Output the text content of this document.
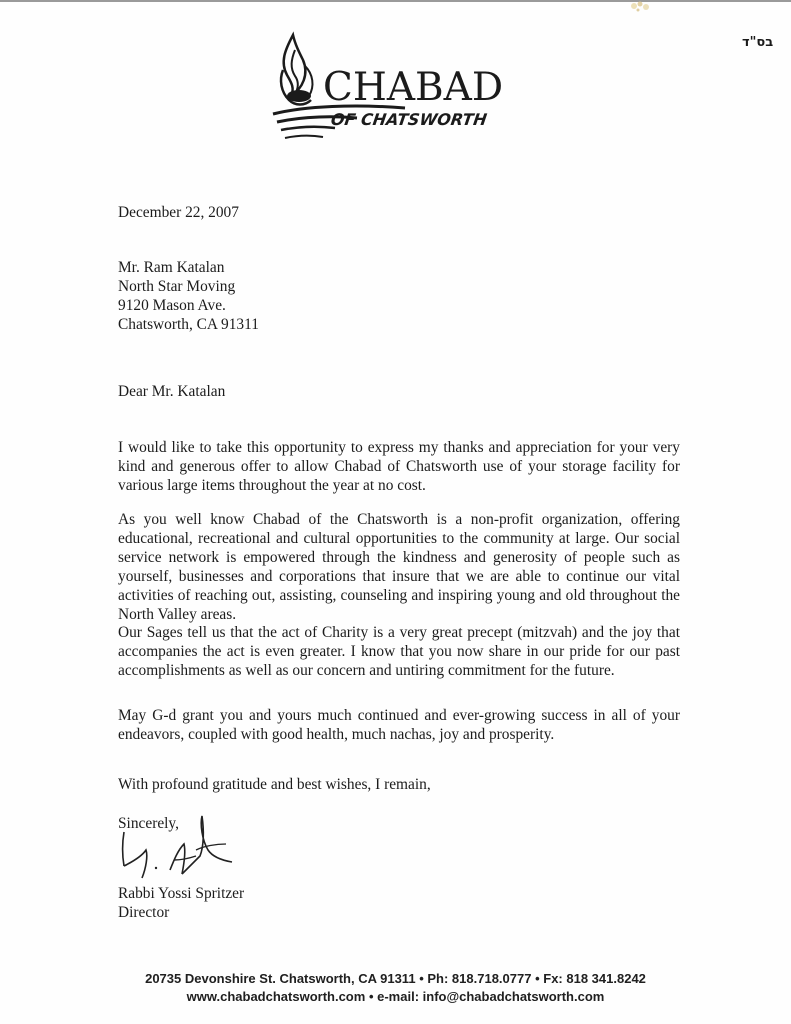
בס"ד
CHABAD
OF CHATSWORTH
December 22, 2007
Mr. Ram Katalan
North Star Moving
9120 Mason Ave.
Chatsworth, CA 91311
Dear Mr. Katalan
I would like to take this opportunity to express my thanks and appreciation for your very kind and generous offer to allow Chabad of Chatsworth use of your storage facility for various large items throughout the year at no cost.
As you well know Chabad of the Chatsworth is a non-profit organization, offering educational, recreational and cultural opportunities to the community at large. Our social service network is empowered through the kindness and generosity of people such as yourself, businesses and corporations that insure that we are able to continue our vital activities of reaching out, assisting, counseling and inspiring young and old throughout the North Valley areas.
Our Sages tell us that the act of Charity is a very great precept (mitzvah) and the joy that accompanies the act is even greater. I know that you now share in our pride for our past accomplishments as well as our concern and untiring commitment for the future.
May G-d grant you and yours much continued and ever-growing success in all of your endeavors, coupled with good health, much nachas, joy and prosperity.
With profound gratitude and best wishes, I remain,
Sincerely,
Rabbi Yossi Spritzer
Director
20735 Devonshire St. Chatsworth, CA 91311 • Ph: 818.718.0777 • Fx: 818 341.8242
www.chabadchatsworth.com • e-mail: info@chabadchatsworth.com
